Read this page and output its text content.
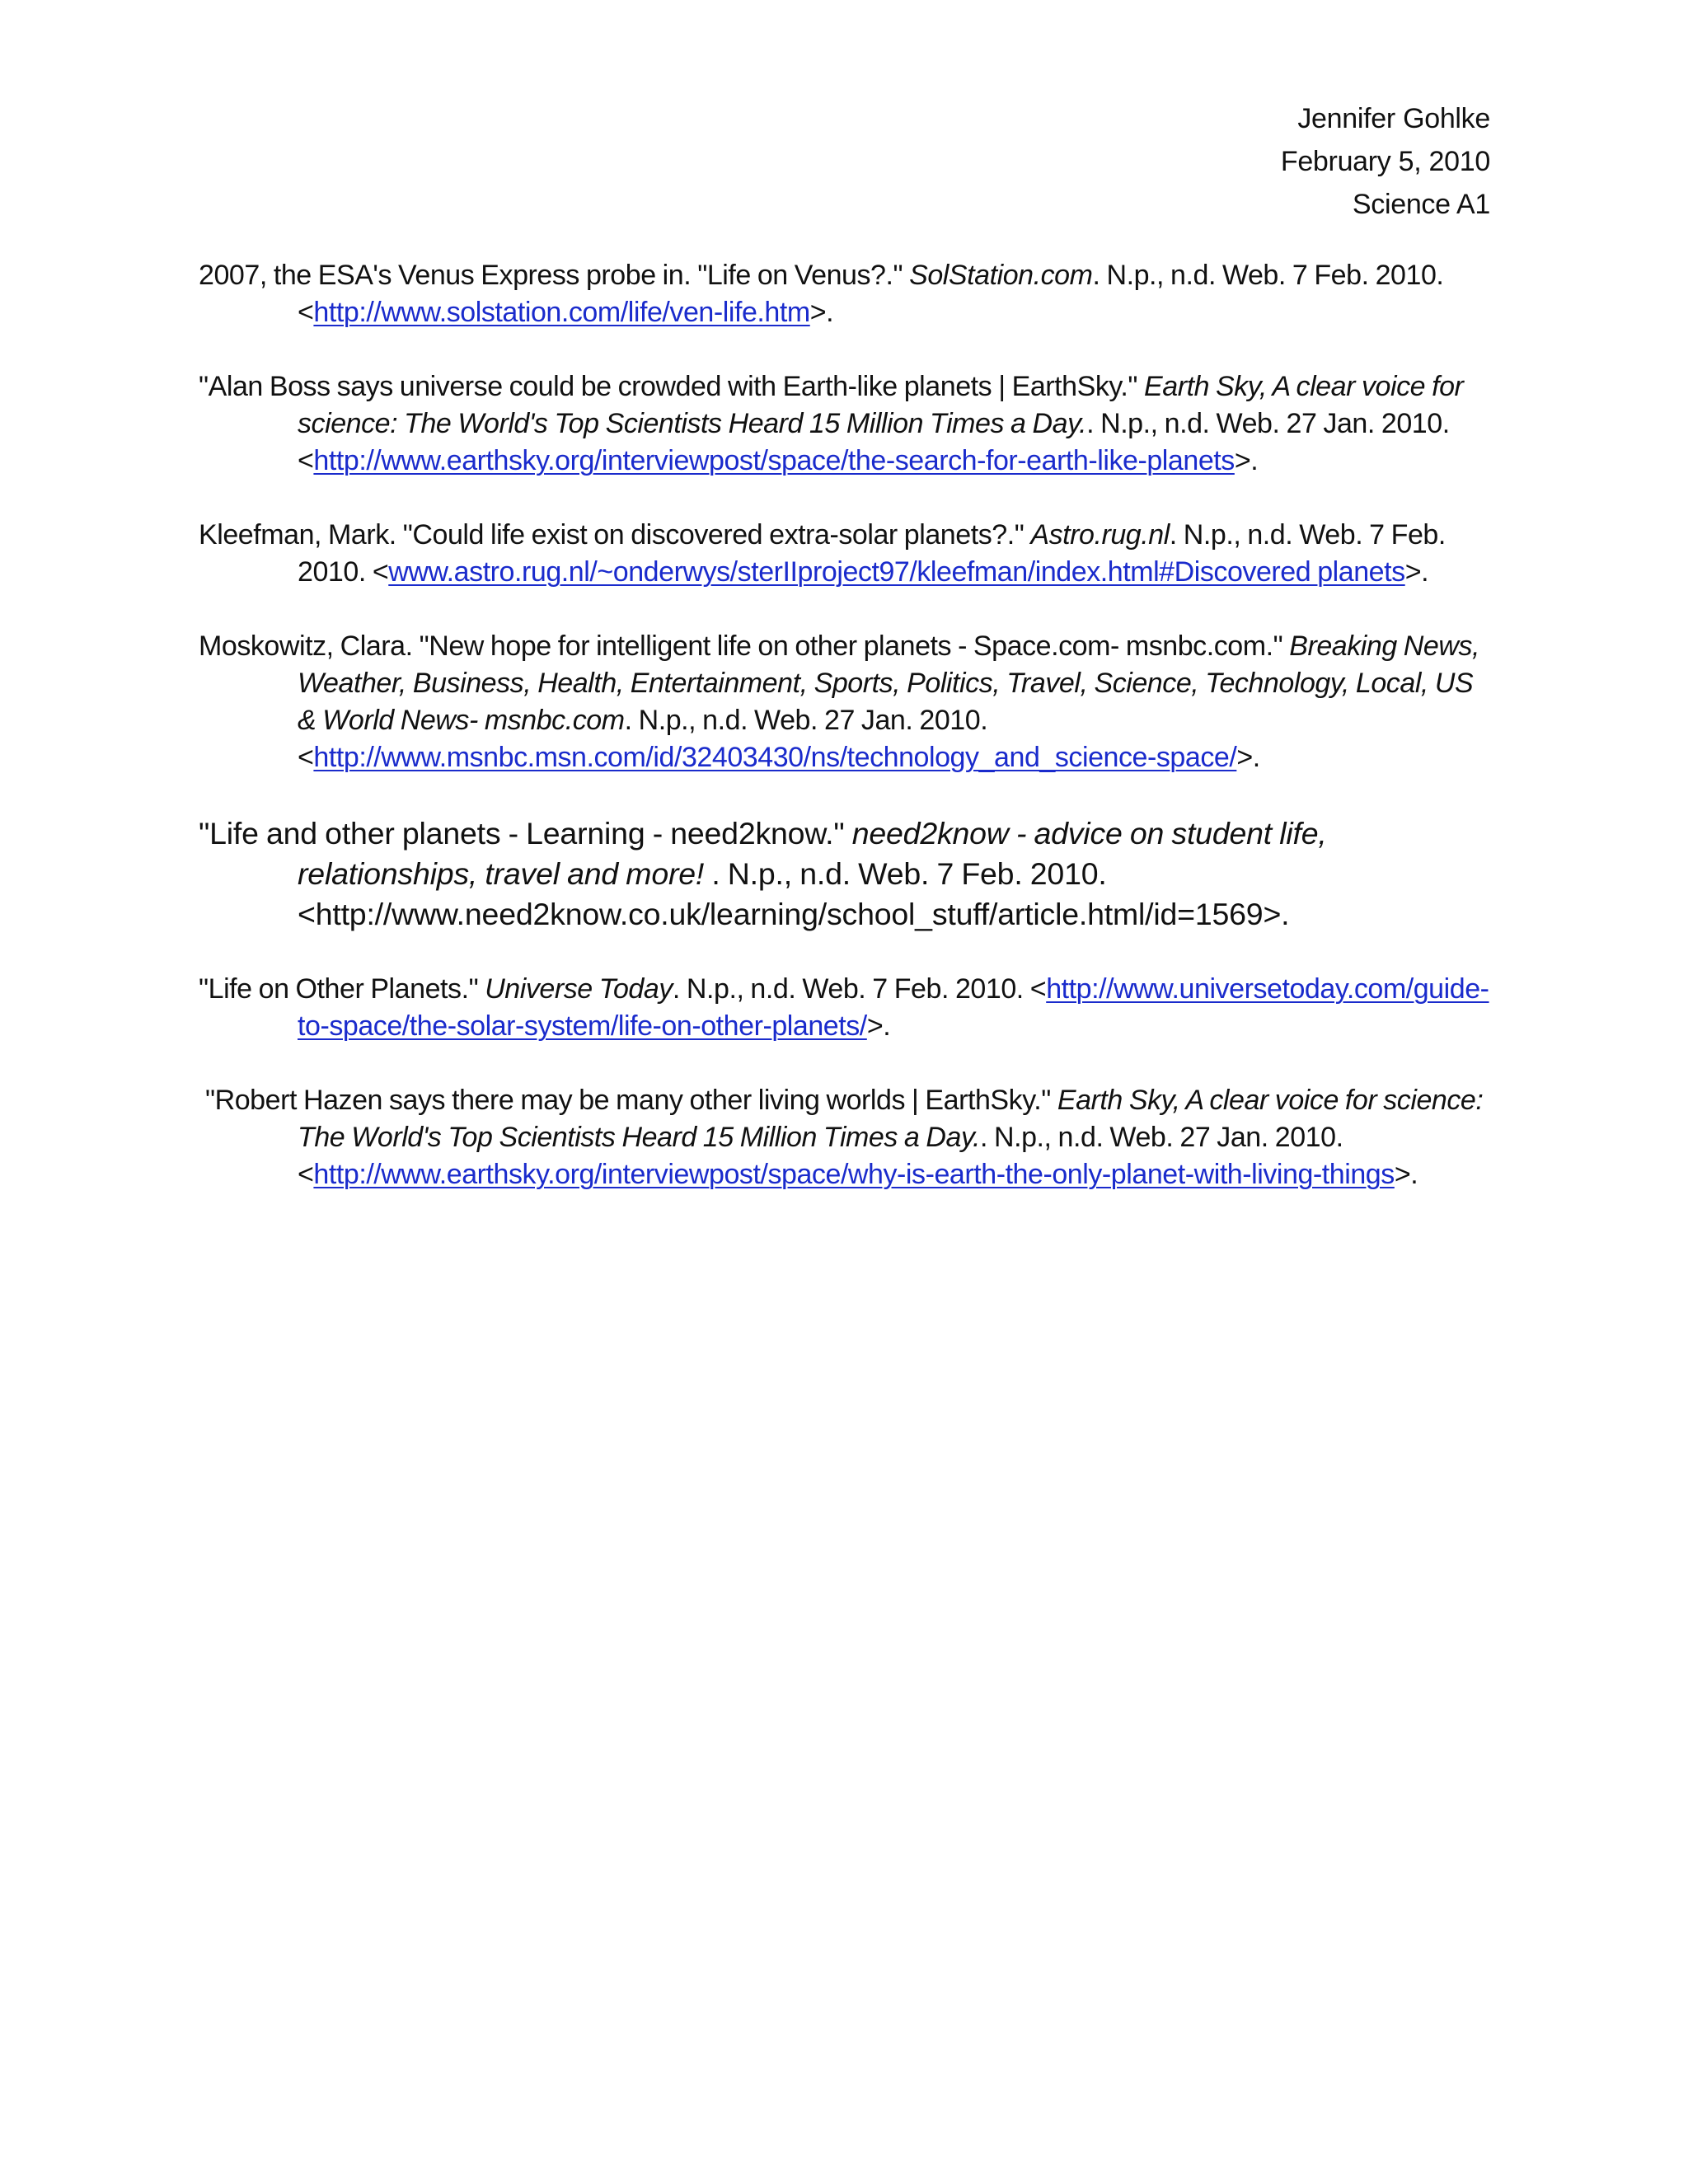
Jennifer Gohlke
February 5, 2010
Science A1

2007, the ESA's Venus Express probe in. "Life on Venus?." SolStation.com. N.p., n.d. Web. 7 Feb. 2010. <http://www.solstation.com/life/ven-life.htm>.

"Alan Boss says universe could be crowded with Earth-like planets | EarthSky." Earth Sky, A clear voice for science: The World's Top Scientists Heard 15 Million Times a Day.. N.p., n.d. Web. 27 Jan. 2010. <http://www.earthsky.org/interviewpost/space/the-search-for-earth-like-planets>.

Kleefman, Mark. "Could life exist on discovered extra-solar planets?." Astro.rug.nl. N.p., n.d. Web. 7 Feb. 2010. <www.astro.rug.nl/~onderwys/sterIIproject97/kleefman/index.html#Discovered planets>.

Moskowitz, Clara. "New hope for intelligent life on other planets - Space.com- msnbc.com." Breaking News, Weather, Business, Health, Entertainment, Sports, Politics, Travel, Science, Technology, Local, US & World News- msnbc.com. N.p., n.d. Web. 27 Jan. 2010. <http://www.msnbc.msn.com/id/32403430/ns/technology_and_science-space/>.

"Life and other planets - Learning - need2know." need2know - advice on student life, relationships, travel and more! . N.p., n.d. Web. 7 Feb. 2010. <http://www.need2know.co.uk/learning/school_stuff/article.html/id=1569>.

"Life on Other Planets." Universe Today. N.p., n.d. Web. 7 Feb. 2010. <http://www.universetoday.com/guide-to-space/the-solar-system/life-on-other-planets/>.

"Robert Hazen says there may be many other living worlds | EarthSky." Earth Sky, A clear voice for science: The World's Top Scientists Heard 15 Million Times a Day.. N.p., n.d. Web. 27 Jan. 2010. <http://www.earthsky.org/interviewpost/space/why-is-earth-the-only-planet-with-living-things>.
